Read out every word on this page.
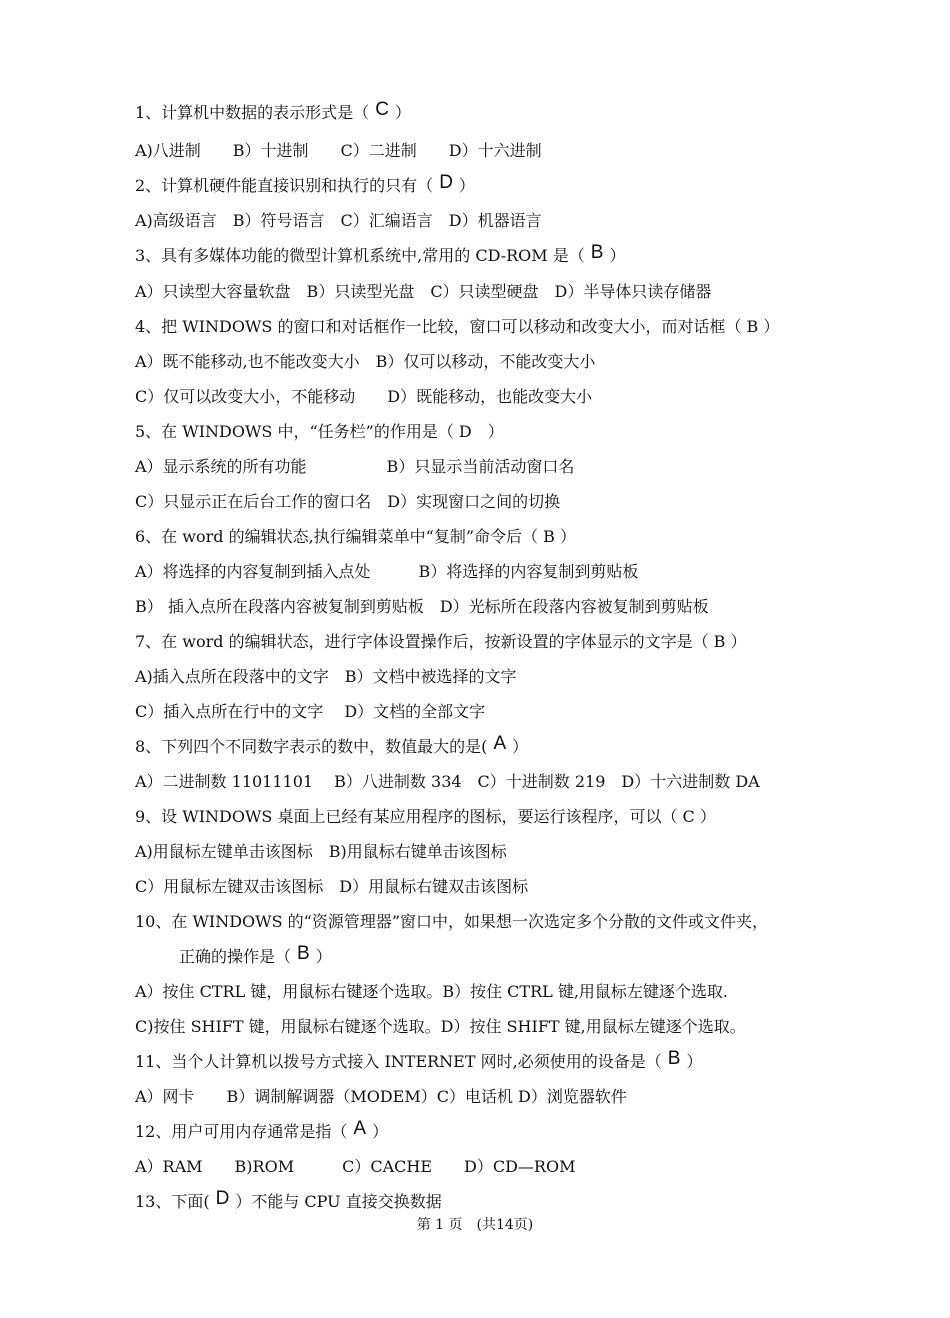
1、计算机中数据的表示形式是（ C ）
A)八进制　　B）十进制　　C）二进制　　D）十六进制
2、计算机硬件能直接识别和执行的只有（ D ）
A)高级语言　B）符号语言　C）汇编语言　D）机器语言
3、具有多媒体功能的微型计算机系统中,常用的 CD-ROM 是（ B ）
A）只读型大容量软盘　B）只读型光盘　C）只读型硬盘　D）半导体只读存储器
4、把 WINDOWS 的窗口和对话框作一比较，窗口可以移动和改变大小，而对话框（ B ）
A）既不能移动,也不能改变大小　B）仅可以移动，不能改变大小
C）仅可以改变大小，不能移动　　D）既能移动，也能改变大小
5、在 WINDOWS 中，“任务栏”的作用是（ D　）
A）显示系统的所有功能　　　　　B）只显示当前活动窗口名
C）只显示正在后台工作的窗口名　D）实现窗口之间的切换
6、在 word 的编辑状态,执行编辑菜单中“复制”命令后（ B ）
A）将选择的内容复制到插入点处　　　B）将选择的内容复制到剪贴板
B） 插入点所在段落内容被复制到剪贴板　D）光标所在段落内容被复制到剪贴板
7、在 word 的编辑状态，进行字体设置操作后，按新设置的字体显示的文字是（ B ）
A)插入点所在段落中的文字　B）文档中被选择的文字
C）插入点所在行中的文字　 D）文档的全部文字
8、下列四个不同数字表示的数中，数值最大的是( A ）
A）二进制数 11011101　 B）八进制数 334　C）十进制数 219　D）十六进制数 DA
9、设 WINDOWS 桌面上已经有某应用程序的图标，要运行该程序，可以（ C ）
A)用鼠标左键单击该图标　B)用鼠标右键单击该图标
C）用鼠标左键双击该图标　D）用鼠标右键双击该图标
10、在 WINDOWS 的“资源管理器”窗口中，如果想一次选定多个分散的文件或文件夹，
　正确的操作是（ B ）
A）按住 CTRL 键，用鼠标右键逐个选取。B）按住 CTRL 键,用鼠标左键逐个选取.
C)按住 SHIFT 键，用鼠标右键逐个选取。D）按住 SHIFT 键,用鼠标左键逐个选取。
11、当个人计算机以拨号方式接入 INTERNET 网时,必须使用的设备是（ B ）
A）网卡　　B）调制解调器（MODEM）C）电话机 D）浏览器软件
12、用户可用内存通常是指（ A ）
A）RAM　　B)ROM　　　C）CACHE　　D）CD—ROM
13、下面( D ）不能与 CPU 直接交换数据
第 1 页　(共14页)
